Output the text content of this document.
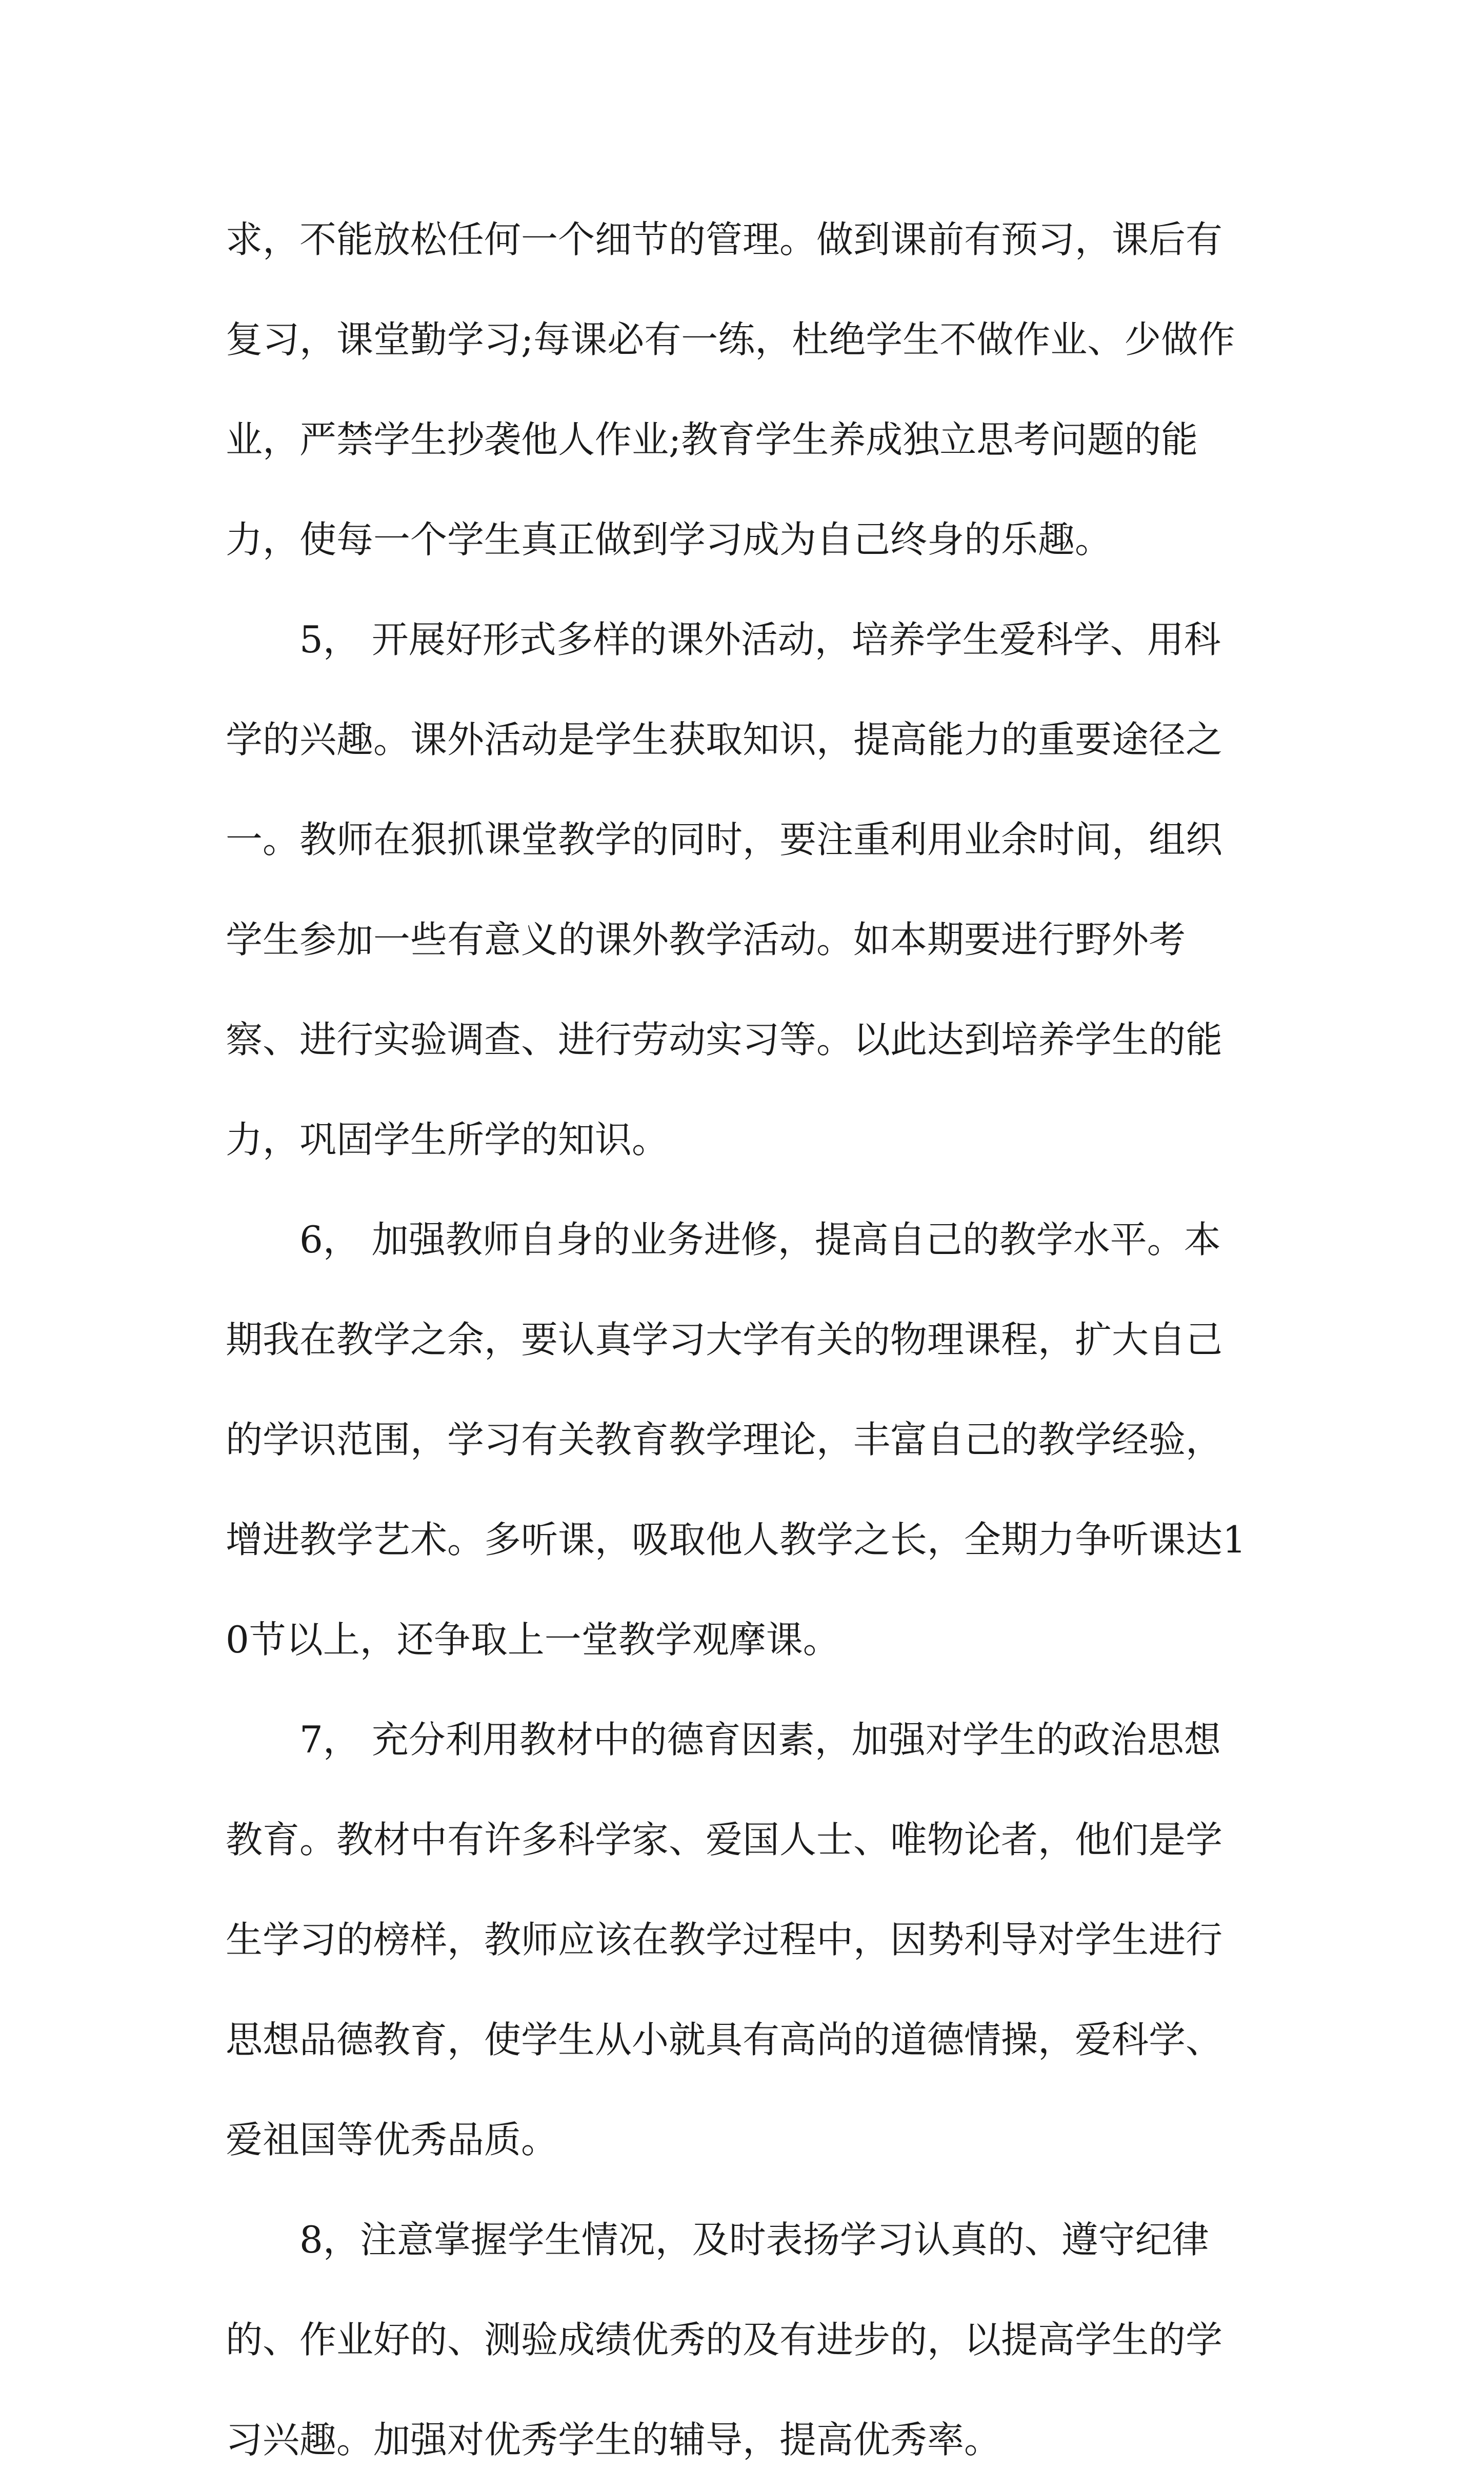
求，不能放松任何一个细节的管理。做到课前有预习，课后有复习，课堂勤学习;每课必有一练，杜绝学生不做作业、少做作业，严禁学生抄袭他人作业;教育学生养成独立思考问题的能力，使每一个学生真正做到学习成为自己终身的乐趣。

5， 开展好形式多样的课外活动，培养学生爱科学、用科学的兴趣。课外活动是学生获取知识，提高能力的重要途径之一。教师在狠抓课堂教学的同时，要注重利用业余时间，组织学生参加一些有意义的课外教学活动。如本期要进行野外考察、进行实验调查、进行劳动实习等。以此达到培养学生的能力，巩固学生所学的知识。

6， 加强教师自身的业务进修，提高自己的教学水平。本期我在教学之余，要认真学习大学有关的物理课程，扩大自己的学识范围，学习有关教育教学理论，丰富自己的教学经验，增进教学艺术。多听课，吸取他人教学之长，全期力争听课达10节以上，还争取上一堂教学观摩课。

7， 充分利用教材中的德育因素，加强对学生的政治思想教育。教材中有许多科学家、爱国人士、唯物论者，他们是学生学习的榜样，教师应该在教学过程中，因势利导对学生进行思想品德教育，使学生从小就具有高尚的道德情操，爱科学、爱祖国等优秀品质。

8，注意掌握学生情况，及时表扬学习认真的、遵守纪律的、作业好的、测验成绩优秀的及有进步的，以提高学生的学习兴趣。加强对优秀学生的辅导，提高优秀率。
